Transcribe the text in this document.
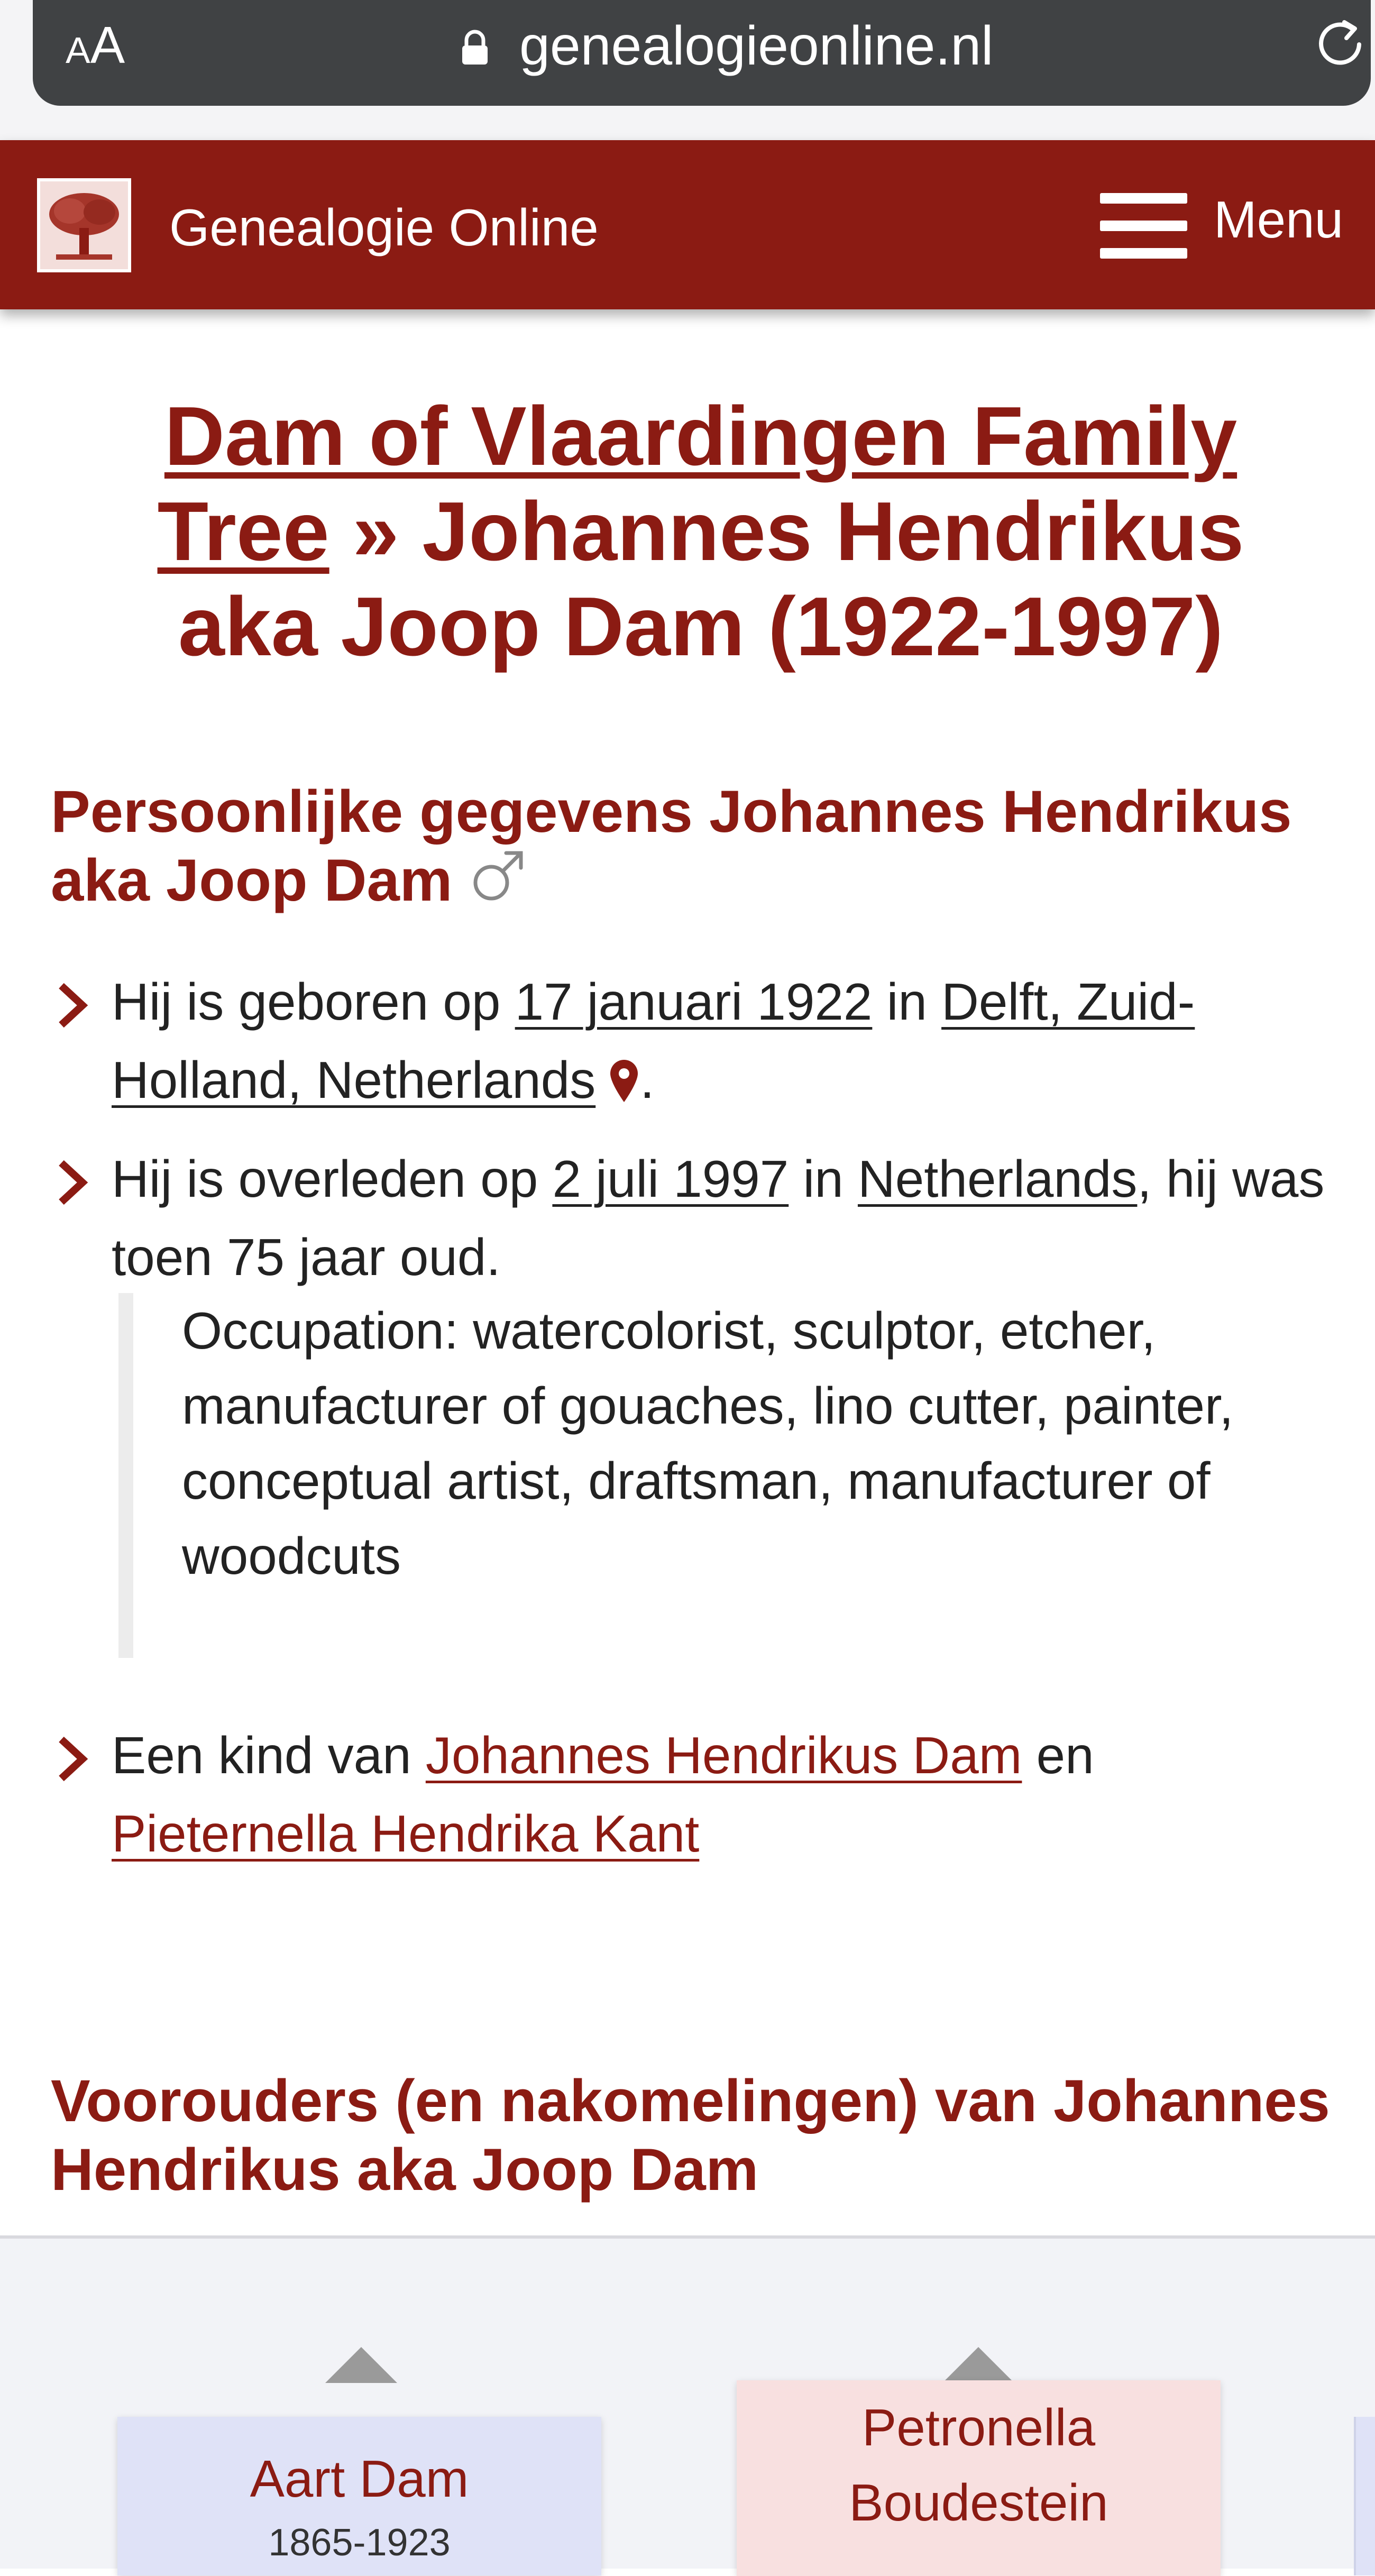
AA	genealogieonline.nl
Genealogie Online	Menu
Dam of Vlaardingen Family Tree » Johannes Hendrikus aka Joop Dam (1922-1997)
Persoonlijke gegevens Johannes Hendrikus aka Joop Dam
Hij is geboren op 17 januari 1922 in Delft, Zuid-Holland, Netherlands .
Hij is overleden op 2 juli 1997 in Netherlands, hij was toen 75 jaar oud.

Occupation: watercolorist, sculptor, etcher, manufacturer of gouaches, lino cutter, painter, conceptual artist, draftsman, manufacturer of woodcuts

Een kind van Johannes Hendrikus Dam en Pieternella Hendrika Kant
Voorouders (en nakomelingen) van Johannes Hendrikus aka Joop Dam
Aart Dam
1865-1923
Petronella Boudestein
